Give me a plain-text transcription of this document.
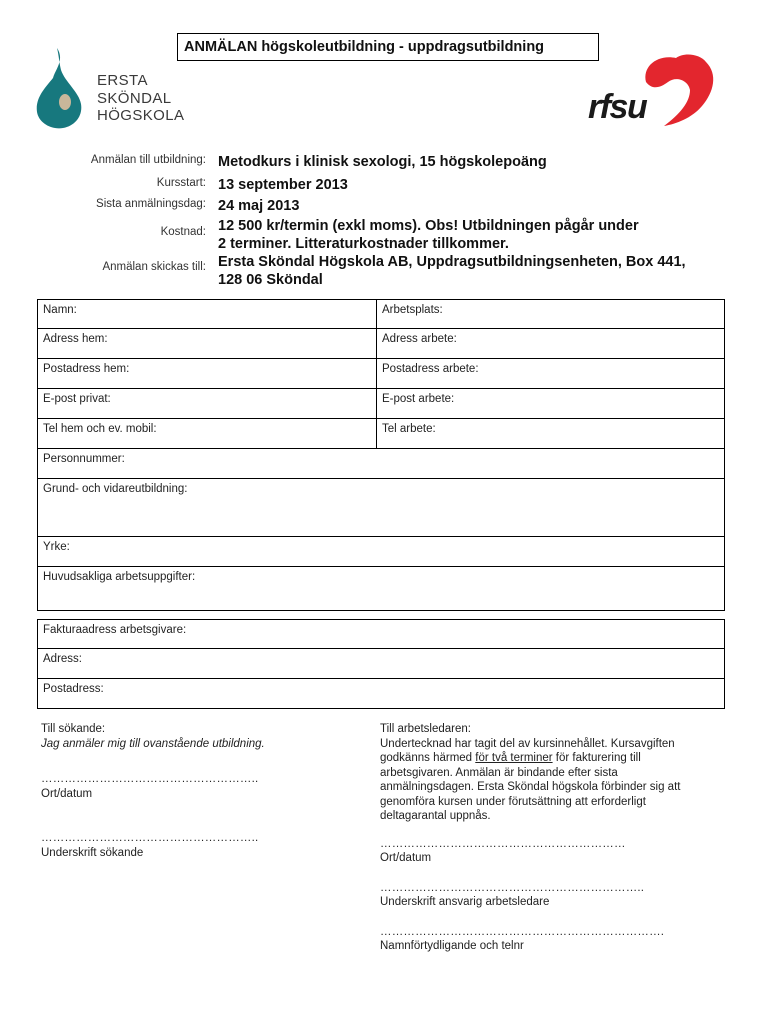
ANMÄLAN högskoleutbildning - uppdragsutbildning
ERSTA
SKÖNDAL
HÖGSKOLA	rfsu
Anmälan till utbildning: Metodkurs i klinisk sexologi, 15 högskolepoäng
Kursstart: 13 september 2013
Sista anmälningsdag: 24 maj 2013
Kostnad: 12 500 kr/termin (exkl moms). Obs! Utbildningen pågår under
2 terminer. Litteraturkostnader tillkommer.
Anmälan skickas till: Ersta Sköndal Högskola AB, Uppdragsutbildningsenheten, Box 441,
128 06 Sköndal
Namn:	Arbetsplats:
Adress hem:	Adress arbete:
Postadress hem:	Postadress arbete:
E-post privat:	E-post arbete:
Tel hem och ev. mobil:	Tel arbete:
Personnummer:
Grund- och vidareutbildning:
Yrke:
Huvudsakliga arbetsuppgifter:
Fakturaadress arbetsgivare:
Adress:
Postadress:
Till sökande:
Jag anmäler mig till ovanstående utbildning.
………………………………………………..
Ort/datum
………………………………………………..
Underskrift sökande
Till arbetsledaren:
Undertecknad har tagit del av kursinnehållet. Kursavgiften
godkänns härmed för två terminer för fakturering till
arbetsgivaren. Anmälan är bindande efter sista
anmälningsdagen. Ersta Sköndal högskola förbinder sig att
genomföra kursen under förutsättning att erforderligt
deltagarantal uppnås.
………………………………………………………
Ort/datum
…………………………………………………………..
Underskrift ansvarig arbetsledare
……………………………………………………………….
Namnförtydligande och telnr
